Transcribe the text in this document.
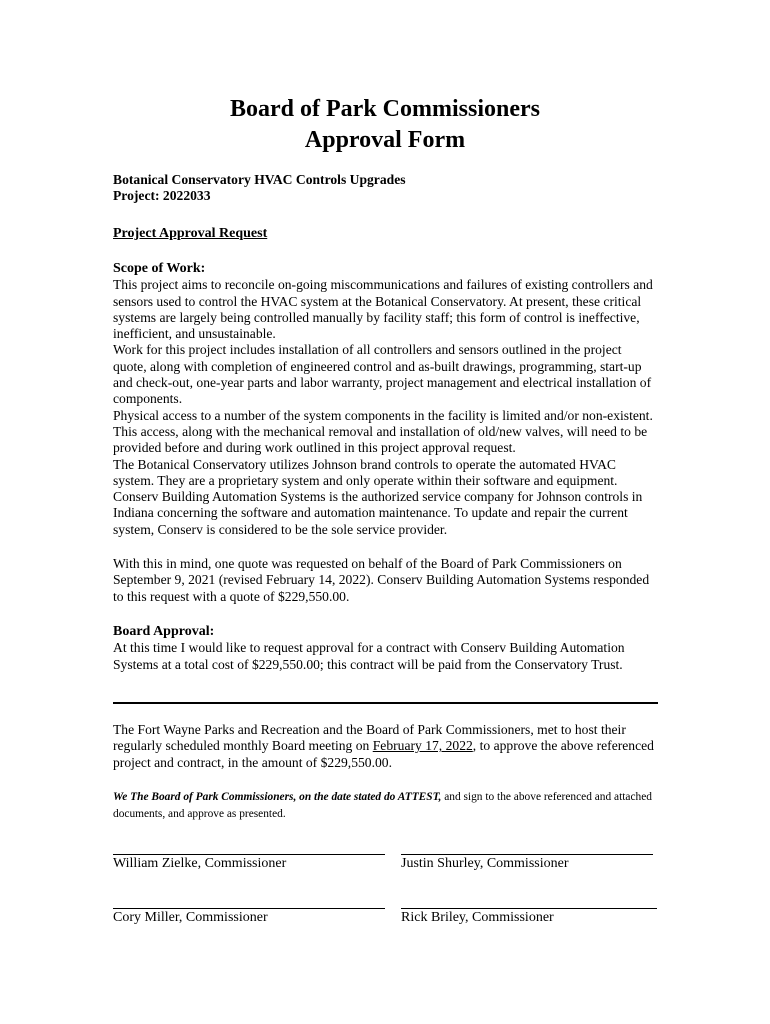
Board of Park Commissioners
Approval Form
Botanical Conservatory HVAC Controls Upgrades
Project: 2022033
Project Approval Request
Scope of Work:

This project aims to reconcile on-going miscommunications and failures of existing controllers and sensors used to control the HVAC system at the Botanical Conservatory. At present, these critical systems are largely being controlled manually by facility staff; this form of control is ineffective, inefficient, and unsustainable.

Work for this project includes installation of all controllers and sensors outlined in the project quote, along with completion of engineered control and as-built drawings, programming, start-up and check-out, one-year parts and labor warranty, project management and electrical installation of components.

Physical access to a number of the system components in the facility is limited and/or non-existent. This access, along with the mechanical removal and installation of old/new valves, will need to be provided before and during work outlined in this project approval request.

The Botanical Conservatory utilizes Johnson brand controls to operate the automated HVAC system. They are a proprietary system and only operate within their software and equipment. Conserv Building Automation Systems is the authorized service company for Johnson controls in Indiana concerning the software and automation maintenance. To update and repair the current system, Conserv is considered to be the sole service provider.

With this in mind, one quote was requested on behalf of the Board of Park Commissioners on September 9, 2021 (revised February 14, 2022). Conserv Building Automation Systems responded to this request with a quote of $229,550.00.
Board Approval:

At this time I would like to request approval for a contract with Conserv Building Automation Systems at a total cost of $229,550.00; this contract will be paid from the Conservatory Trust.

The Fort Wayne Parks and Recreation and the Board of Park Commissioners, met to host their regularly scheduled monthly Board meeting on February 17, 2022, to approve the above referenced project and contract, in the amount of $229,550.00.
We The Board of Park Commissioners, on the date stated do ATTEST, and sign to the above referenced and attached documents, and approve as presented.
William Zielke, Commissioner	Justin Shurley, Commissioner
Cory Miller, Commissioner	Rick Briley, Commissioner
